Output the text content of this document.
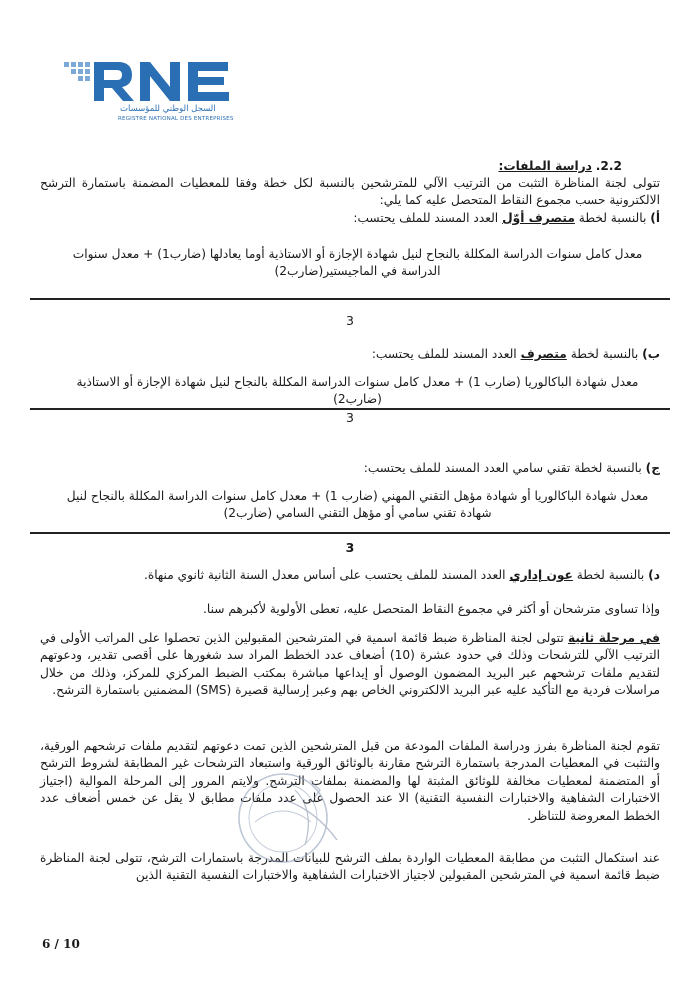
السجل الوطني للمؤسسات
REGISTRE NATIONAL DES ENTREPRISES
2.2. دراسة الملفات:
تتولى لجنة المناظرة التثبت من الترتيب الآلي للمترشحين بالنسبة لكل خطة وفقا للمعطيات المضمنة باستمارة الترشح الالكترونية حسب مجموع النقاط المتحصل عليه كما يلي:
أ) بالنسبة لخطة متصرف أوّل العدد المسند للملف يحتسب:
معدل كامل سنوات الدراسة المكللة بالنجاح لنيل شهادة الإجازة أو الاستاذية أوما يعادلها (ضارب1) + معدل سنوات الدراسة في الماجيستير(ضارب2)
3
ب) بالنسبة لخطة متصرف العدد المسند للملف يحتسب:
معدل شهادة الباكالوريا (ضارب 1) + معدل كامل سنوات الدراسة المكللة بالنجاح لنيل شهادة الإجازة أو الاستاذية (ضارب2)
3
ج) بالنسبة لخطة تقني سامي العدد المسند للملف يحتسب:
معدل شهادة الباكالوريا أو شهادة مؤهل التقني المهني (ضارب 1) + معدل كامل سنوات الدراسة المكللة بالنجاح لنيل شهادة تقني سامي أو مؤهل التقني السامي (ضارب2)
3
د) بالنسبة لخطة عون إداري العدد المسند للملف يحتسب على أساس معدل السنة الثانية ثانوي منهاة.
وإذا تساوى مترشحان أو أكثر في مجموع النقاط المتحصل عليه، تعطى الأولوية لأكبرهم سنا.
في مرحلة ثانية تتولى لجنة المناظرة ضبط قائمة اسمية في المترشحين المقبولين الذين تحصلوا على المراتب الأولى في الترتيب الآلي للترشحات وذلك في حدود عشرة (10) أضعاف عدد الخطط المراد سد شغورها على أقصى تقدير، ودعوتهم لتقديم ملفات ترشحهم عبر البريد المضمون الوصول أو إيداعها مباشرة بمكتب الضبط المركزي للمركز، وذلك من خلال مراسلات فردية مع التأكيد عليه عبر البريد الالكتروني الخاص بهم وعبر إرسالية قصيرة (SMS) المضمنين باستمارة الترشح.
تقوم لجنة المناظرة بفرز ودراسة الملفات المودعة من قبل المترشحين الذين تمت دعوتهم لتقديم ملفات ترشحهم الورقية، والتثبت في المعطيات المدرجة باستمارة الترشح مقارنة بالوثائق الورقية واستبعاد الترشحات غير المطابقة لشروط الترشح أو المتضمنة لمعطيات مخالفة للوثائق المثبتة لها والمضمنة بملفات الترشح. ولايتم المرور إلى المرحلة الموالية (اجتياز الاختبارات الشفاهية والاختبارات النفسية التقنية) الا عند الحصول على عدد ملفات مطابق لا يقل عن خمس أضعاف عدد الخطط المعروضة للتناظر.
عند استكمال التثبت من مطابقة المعطيات الواردة بملف الترشح للبيانات المدرجة باستمارات الترشح، تتولى لجنة المناظرة ضبط قائمة اسمية في المترشحين المقبولين لاجتياز الاختبارات الشفاهية والاختبارات النفسية التقنية الذين
6 / 10
